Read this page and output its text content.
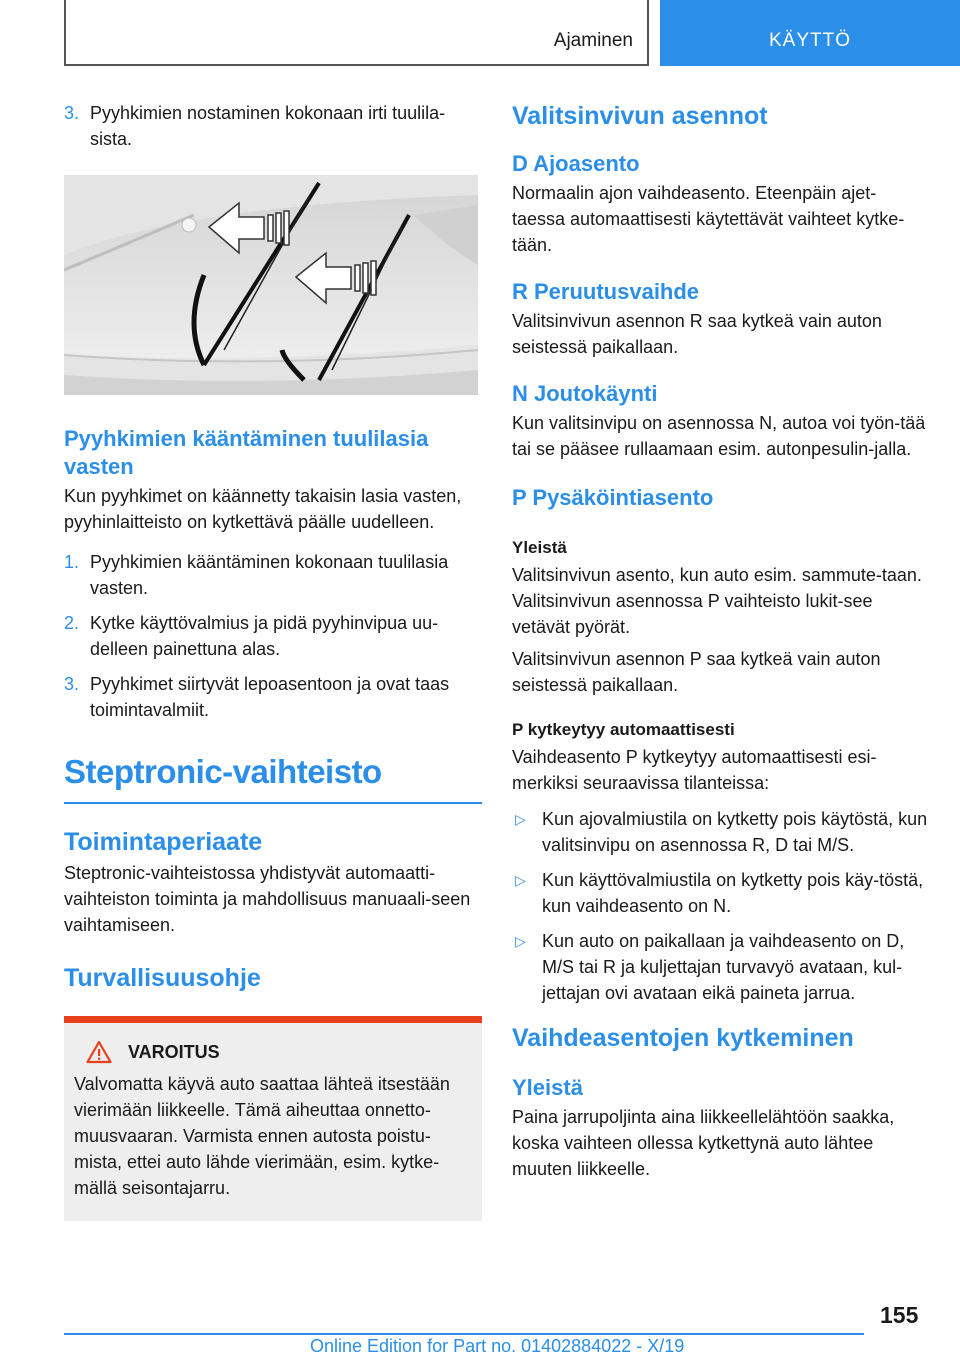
Ajaminen	KÄYTTÖ
3. Pyyhkimien nostaminen kokonaan irti tuulila-sista.
Pyyhkimien kääntäminen tuulilasia vasten
Kun pyyhkimet on käännetty takaisin lasia vasten, pyyhinlaitteisto on kytkettävä päälle uudelleen.
1. Pyyhkimien kääntäminen kokonaan tuulilasia vasten.
2. Kytke käyttövalmius ja pidä pyyhinvipua uu-delleen painettuna alas.
3. Pyyhkimet siirtyvät lepoasentoon ja ovat taas toimintavalmiit.
Steptronic-vaihteisto
Toimintaperiaate
Steptronic-vaihteistossa yhdistyvät automaatti-vaihteiston toiminta ja mahdollisuus manuaali-seen vaihtamiseen.
Turvallisuusohje
VAROITUS
Valvomatta käyvä auto saattaa lähteä itsestään vierimään liikkeelle. Tämä aiheuttaa onnetto-muusvaaran. Varmista ennen autosta poistu-mista, ettei auto lähde vierimään, esim. kytke-mällä seisontajarru.
Valitsinvivun asennot
D Ajoasento
Normaalin ajon vaihdeasento. Eteenpäin ajet-taessa automaattisesti käytettävät vaihteet kytke-tään.
R Peruutusvaihde
Valitsinvivun asennon R saa kytkeä vain auton seistessä paikallaan.
N Joutokäynti
Kun valitsinvipu on asennossa N, autoa voi työn-tää tai se pääsee rullaamaan esim. autonpesulin-jalla.
P Pysäköintiasento
Yleistä
Valitsinvivun asento, kun auto esim. sammute-taan. Valitsinvivun asennossa P vaihteisto lukit-see vetävät pyörät.
Valitsinvivun asennon P saa kytkeä vain auton seistessä paikallaan.
P kytkeytyy automaattisesti
Vaihdeasento P kytkeytyy automaattisesti esi-merkiksi seuraavissa tilanteissa:
▷ Kun ajovalmiustila on kytketty pois käytöstä, kun valitsinvipu on asennossa R, D tai M/S.
▷ Kun käyttövalmiustila on kytketty pois käy-töstä, kun vaihdeasento on N.
▷ Kun auto on paikallaan ja vaihdeasento on D, M/S tai R ja kuljettajan turvavyö avataan, kul-jettajan ovi avataan eikä paineta jarrua.
Vaihdeasentojen kytkeminen
Yleistä
Paina jarrupoljinta aina liikkeellelähtöön saakka, koska vaihteen ollessa kytkettynä auto lähtee muuten liikkeelle.
155
Online Edition for Part no. 01402884022 - X/19
